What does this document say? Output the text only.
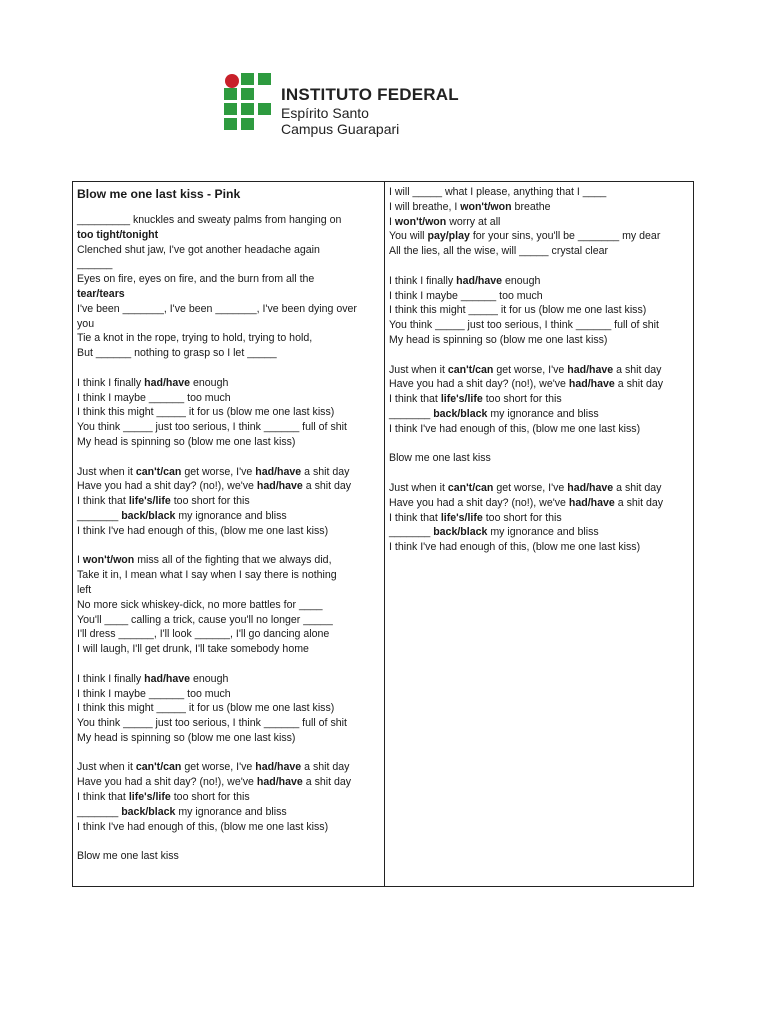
INSTITUTO FEDERAL
Espírito Santo
Campus Guarapari
Blow me one last kiss - Pink
_________ knuckles and sweaty palms from hanging on
too tight/tonight
Clenched shut jaw, I've got another headache again
______
Eyes on fire, eyes on fire, and the burn from all the
tear/tears
I've been _______, I've been _______, I've been dying over
you
Tie a knot in the rope, trying to hold, trying to hold,
But ______ nothing to grasp so I let _____
I think I finally had/have enough
I think I maybe ______ too much
I think this might _____ it for us (blow me one last kiss)
You think _____ just too serious, I think ______ full of shit
My head is spinning so (blow me one last kiss)
Just when it can't/can get worse, I've had/have a shit day
Have you had a shit day? (no!), we've had/have a shit day
I think that life's/life too short for this
_______ back/black my ignorance and bliss
I think I've had enough of this, (blow me one last kiss)
I won't/won miss all of the fighting that we always did,
Take it in, I mean what I say when I say there is nothing
left
No more sick whiskey-dick, no more battles for ____
You'll ____ calling a trick, cause you'll no longer _____
I'll dress ______, I'll look ______, I'll go dancing alone
I will laugh, I'll get drunk, I'll take somebody home
I think I finally had/have enough
I think I maybe ______ too much
I think this might _____ it for us (blow me one last kiss)
You think _____ just too serious, I think ______ full of shit
My head is spinning so (blow me one last kiss)
Just when it can't/can get worse, I've had/have a shit day
Have you had a shit day? (no!), we've had/have a shit day
I think that life's/life too short for this
_______ back/black my ignorance and bliss
I think I've had enough of this, (blow me one last kiss)
Blow me one last kiss
I will _____ what I please, anything that I ____
I will breathe, I won't/won breathe
I won't/won worry at all
You will pay/play for your sins, you'll be _______ my dear
All the lies, all the wise, will _____ crystal clear
I think I finally had/have enough
I think I maybe ______ too much
I think this might _____ it for us (blow me one last kiss)
You think _____ just too serious, I think ______ full of shit
My head is spinning so (blow me one last kiss)
Just when it can't/can get worse, I've had/have a shit day
Have you had a shit day? (no!), we've had/have a shit day
I think that life's/life too short for this
_______ back/black my ignorance and bliss
I think I've had enough of this, (blow me one last kiss)
Blow me one last kiss
Just when it can't/can get worse, I've had/have a shit day
Have you had a shit day? (no!), we've had/have a shit day
I think that life's/life too short for this
_______ back/black my ignorance and bliss
I think I've had enough of this, (blow me one last kiss)
